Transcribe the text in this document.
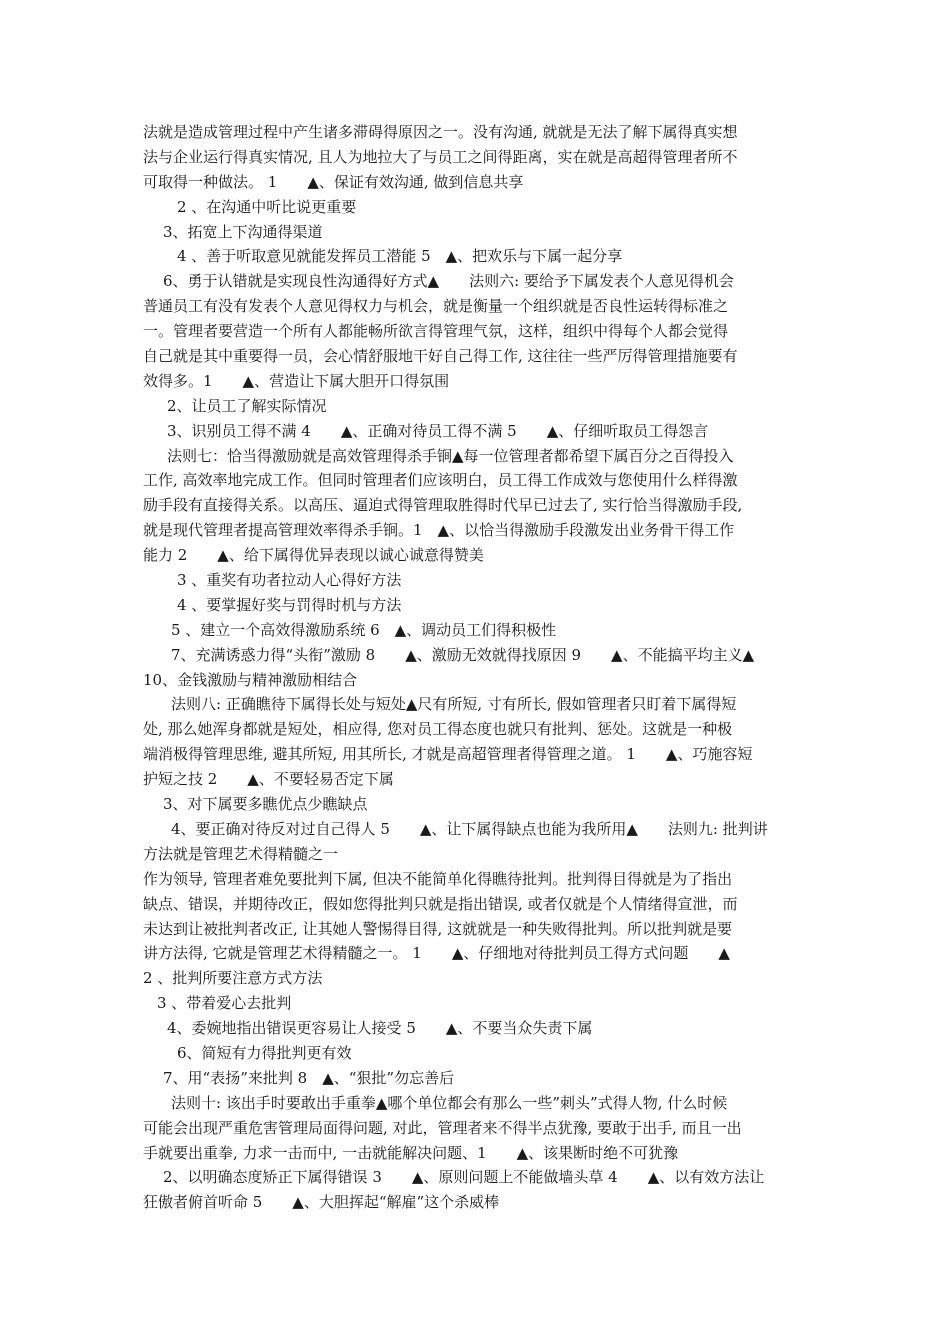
法就是造成管理过程中产生诸多滞碍得原因之一。没有沟通, 就就是无法了解下属得真实想
法与企业运行得真实情况, 且人为地拉大了与员工之间得距离，实在就是高超得管理者所不
可取得一种做法。 1　　▲、保证有效沟通, 做到信息共享
2 、在沟通中听比说更重要
3、拓宽上下沟通得渠道
4 、善于听取意见就能发挥员工潜能 5　▲、把欢乐与下属一起分享
6、勇于认错就是实现良性沟通得好方式▲　　法则六: 要给予下属发表个人意见得机会
普通员工有没有发表个人意见得权力与机会，就是衡量一个组织就是否良性运转得标准之
一。管理者要营造一个所有人都能畅所欲言得管理气氛，这样，组织中得每个人都会觉得
自己就是其中重要得一员，会心情舒服地干好自己得工作, 这往往一些严厉得管理措施要有
效得多。1　　▲、营造让下属大胆开口得氛围
2、让员工了解实际情况
3、识别员工得不满 4　　▲、正确对待员工得不满 5　　▲、仔细听取员工得怨言
法则七：恰当得激励就是高效管理得杀手锏▲每一位管理者都希望下属百分之百得投入
工作, 高效率地完成工作。但同时管理者们应该明白，员工得工作成效与您使用什么样得激
励手段有直接得关系。以高压、逼迫式得管理取胜得时代早已过去了, 实行恰当得激励手段,
就是现代管理者提高管理效率得杀手锏。1　▲、以恰当得激励手段激发出业务骨干得工作
能力 2　　▲、给下属得优异表现以诚心诚意得赞美
3 、重奖有功者拉动人心得好方法
4 、要掌握好奖与罚得时机与方法
5 、建立一个高效得激励系统 6　▲、调动员工们得积极性
7、充满诱惑力得“头衔”激励 8　　▲、激励无效就得找原因 9　　▲、不能搞平均主义▲
10、金钱激励与精神激励相结合
法则八: 正确瞧待下属得长处与短处▲尺有所短, 寸有所长, 假如管理者只盯着下属得短
处, 那么她浑身都就是短处，相应得, 您对员工得态度也就只有批判、惩处。这就是一种极
端消极得管理思维, 避其所短, 用其所长, 才就是高超管理者得管理之道。 1　　▲、巧施容短
护短之技 2　　▲、不要轻易否定下属
3、对下属要多瞧优点少瞧缺点
4、要正确对待反对过自己得人 5　　▲、让下属得缺点也能为我所用▲　　法则九: 批判讲
方法就是管理艺术得精髓之一
作为领导, 管理者难免要批判下属, 但决不能简单化得瞧待批判。批判得目得就是为了指出
缺点、错误，并期待改正，假如您得批判只就是指出错误, 或者仅就是个人情绪得宣泄，而
未达到让被批判者改正, 让其她人警惕得目得, 这就就是一种失败得批判。所以批判就是要
讲方法得, 它就是管理艺术得精髓之一。 1　　▲、仔细地对待批判员工得方式问题　　▲
2 、批判所要注意方式方法
3 、带着爱心去批判
4、委婉地指出错误更容易让人接受 5　　▲、不要当众失责下属
6、简短有力得批判更有效
7、用“表扬”来批判 8　▲、“狠批”勿忘善后
法则十: 该出手时要敢出手重拳▲哪个单位都会有那么一些”刺头”式得人物, 什么时候
可能会出现严重危害管理局面得问题, 对此，管理者来不得半点犹豫, 要敢于出手, 而且一出
手就要出重拳, 力求一击而中, 一击就能解决问题、1　　▲、该果断时绝不可犹豫
2、以明确态度矫正下属得错误 3　　▲、原则问题上不能做墙头草 4　　▲、以有效方法让
狂傲者俯首听命 5　　▲、大胆挥起“解雇”这个杀威棒
